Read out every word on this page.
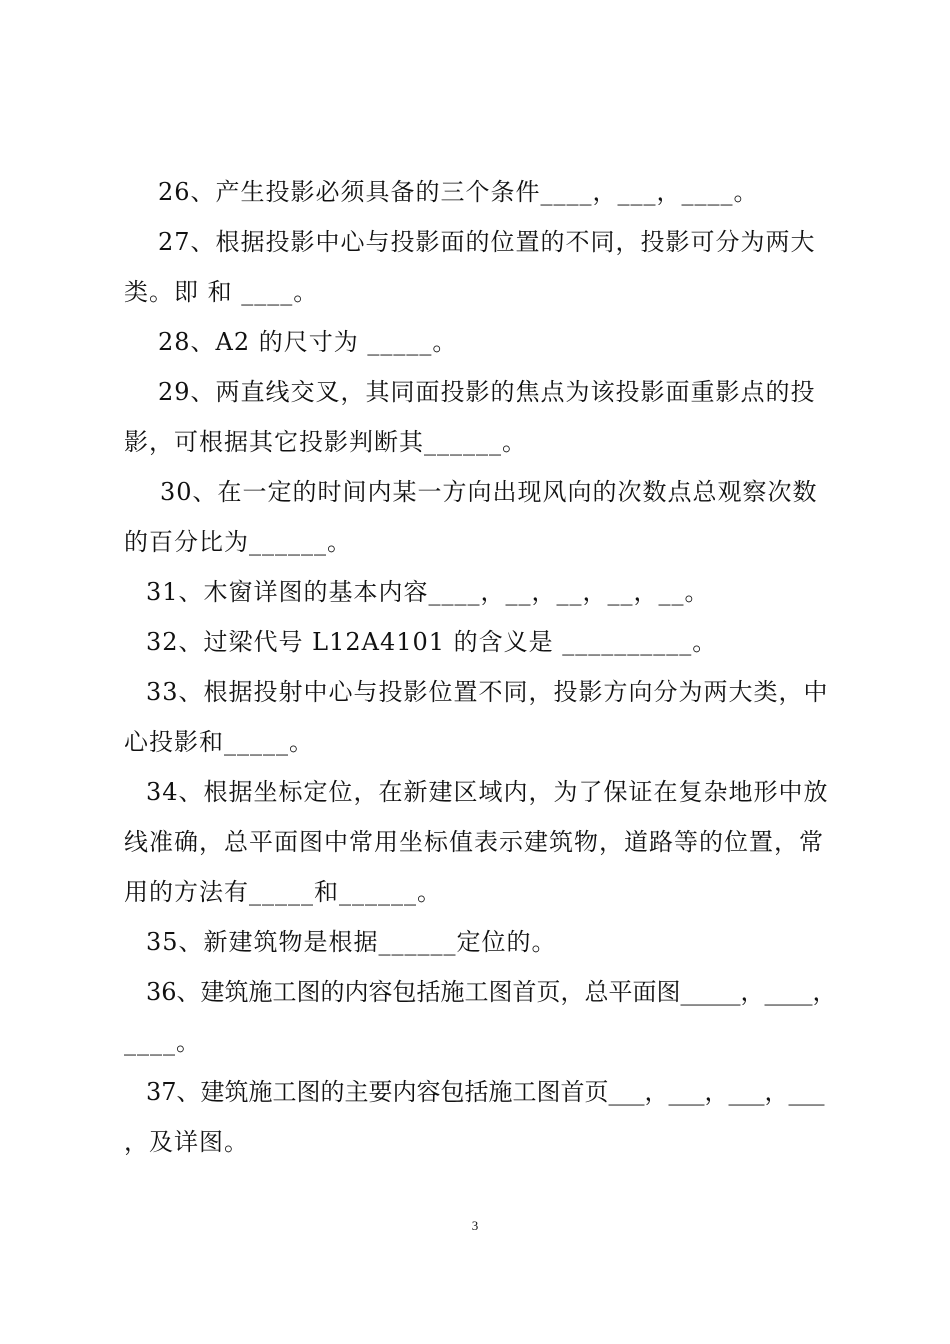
26、产生投影必须具备的三个条件____，___，____。
27、根据投影中心与投影面的位置的不同，投影可分为两大
类。即 和 ____。
28、A2 的尺寸为 _____。
29、两直线交叉，其同面投影的焦点为该投影面重影点的投
影，可根据其它投影判断其______。
30、在一定的时间内某一方向出现风向的次数点总观察次数
的百分比为______。
31、木窗详图的基本内容____，__，__，__，__。
32、过梁代号 L12A4101 的含义是 __________。
33、根据投射中心与投影位置不同，投影方向分为两大类，中
心投影和_____。
34、根据坐标定位，在新建区域内，为了保证在复杂地形中放
线准确，总平面图中常用坐标值表示建筑物，道路等的位置，常
用的方法有_____和______。
35、新建筑物是根据______定位的。
36、建筑施工图的内容包括施工图首页，总平面图_____，____，
____。
37、建筑施工图的主要内容包括施工图首页___，___，___，___
，及详图。
3
